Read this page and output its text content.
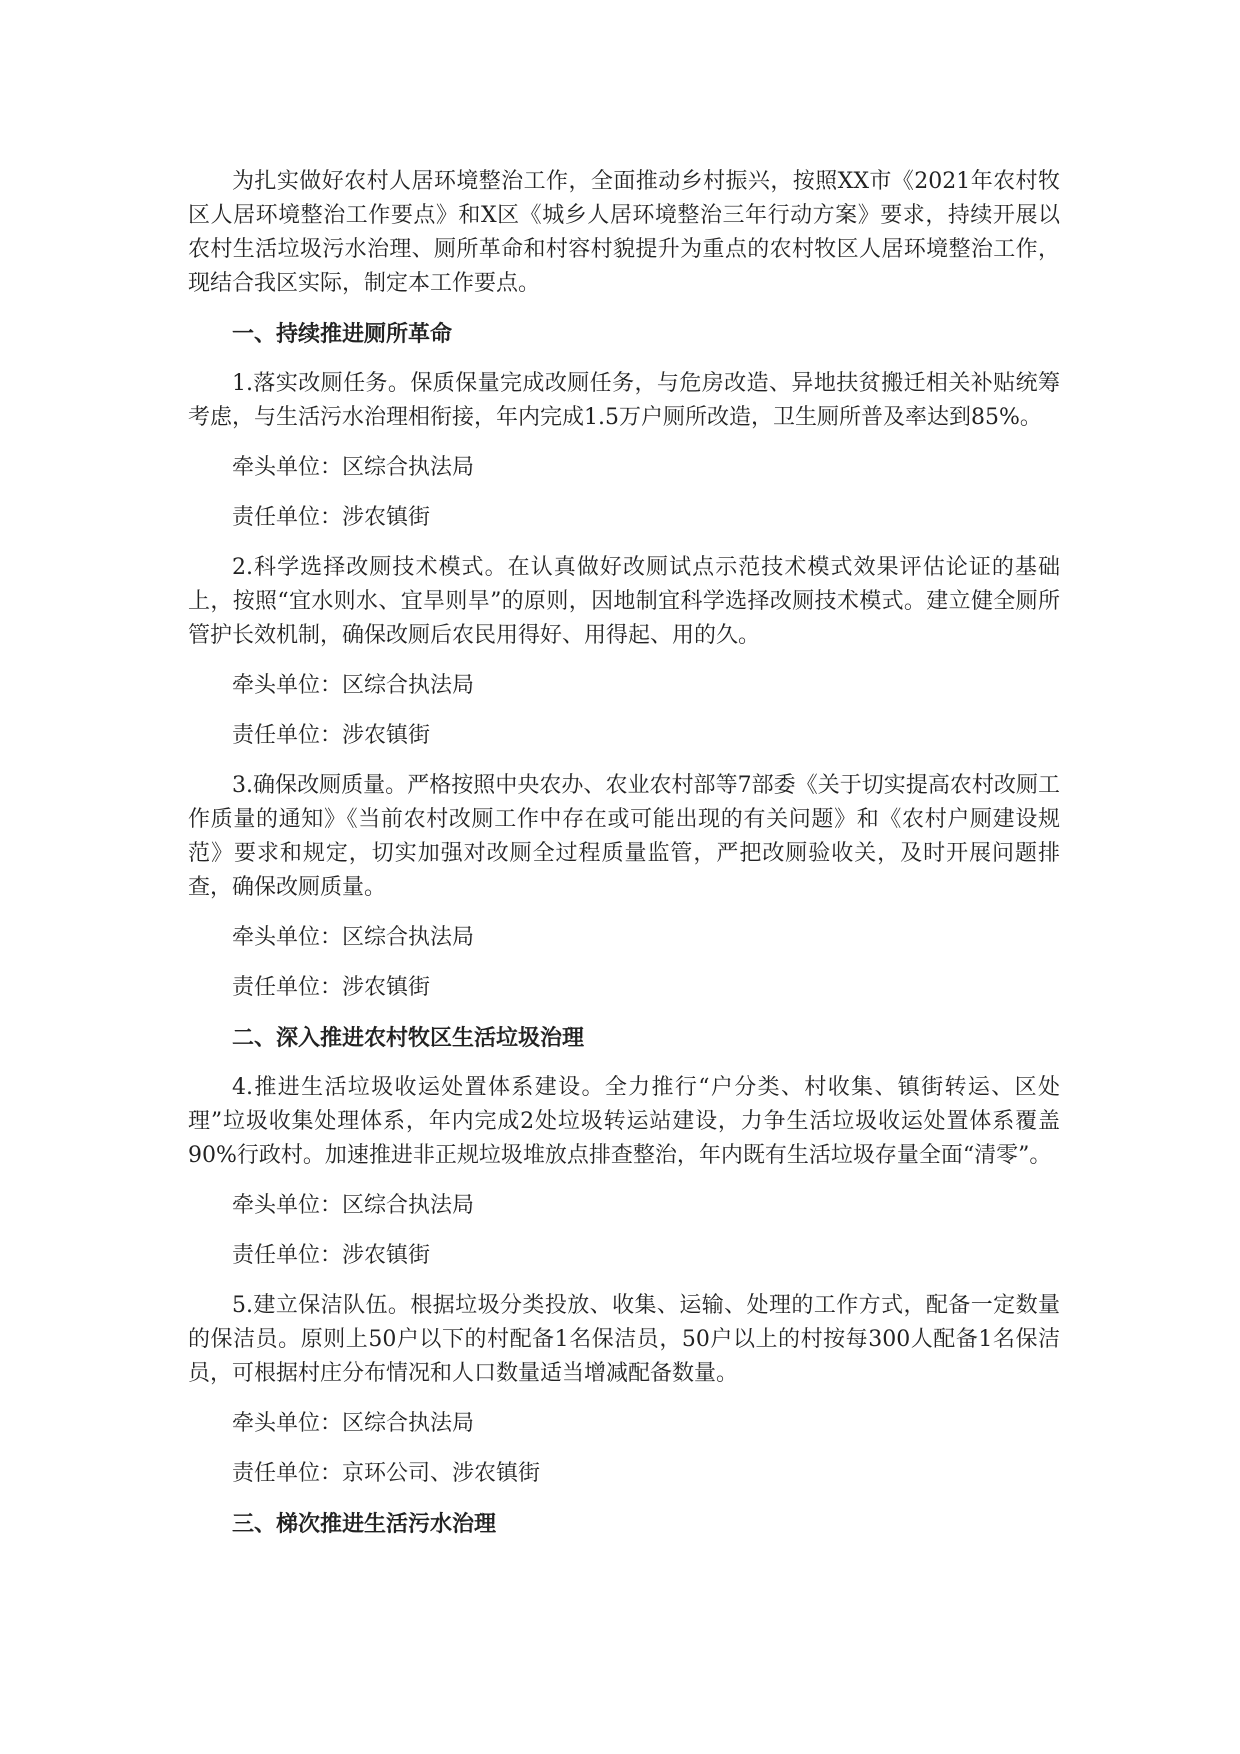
为扎实做好农村人居环境整治工作，全面推动乡村振兴，按照XX市《2021年农村牧区人居环境整治工作要点》和X区《城乡人居环境整治三年行动方案》要求，持续开展以农村生活垃圾污水治理、厕所革命和村容村貌提升为重点的农村牧区人居环境整治工作，现结合我区实际，制定本工作要点。

一、持续推进厕所革命

1.落实改厕任务。保质保量完成改厕任务，与危房改造、异地扶贫搬迁相关补贴统筹考虑，与生活污水治理相衔接，年内完成1.5万户厕所改造，卫生厕所普及率达到85%。

牵头单位：区综合执法局

责任单位：涉农镇街

2.科学选择改厕技术模式。在认真做好改厕试点示范技术模式效果评估论证的基础上，按照“宜水则水、宜旱则旱”的原则，因地制宜科学选择改厕技术模式。建立健全厕所管护长效机制，确保改厕后农民用得好、用得起、用的久。

牵头单位：区综合执法局

责任单位：涉农镇街

3.确保改厕质量。严格按照中央农办、农业农村部等7部委《关于切实提高农村改厕工作质量的通知》《当前农村改厕工作中存在或可能出现的有关问题》和《农村户厕建设规范》要求和规定，切实加强对改厕全过程质量监管，严把改厕验收关，及时开展问题排查，确保改厕质量。

牵头单位：区综合执法局

责任单位：涉农镇街

二、深入推进农村牧区生活垃圾治理

4.推进生活垃圾收运处置体系建设。全力推行“户分类、村收集、镇街转运、区处理”垃圾收集处理体系，年内完成2处垃圾转运站建设，力争生活垃圾收运处置体系覆盖90%行政村。加速推进非正规垃圾堆放点排查整治，年内既有生活垃圾存量全面“清零”。

牵头单位：区综合执法局

责任单位：涉农镇街

5.建立保洁队伍。根据垃圾分类投放、收集、运输、处理的工作方式，配备一定数量的保洁员。原则上50户以下的村配备1名保洁员，50户以上的村按每300人配备1名保洁员，可根据村庄分布情况和人口数量适当增减配备数量。

牵头单位：区综合执法局

责任单位：京环公司、涉农镇街

三、梯次推进生活污水治理
